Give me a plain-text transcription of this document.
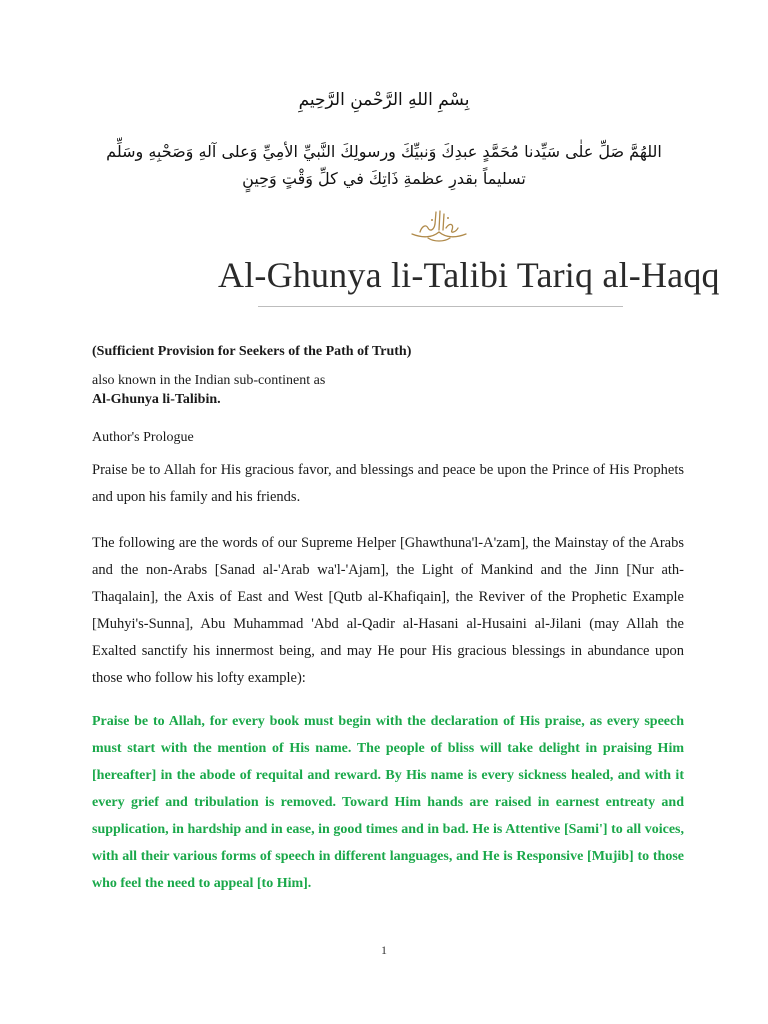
بِسْمِ اللهِ الرَّحْمنِ الرَّحِيمِ
اللهُمَّ صَلِّ علٰى سَيِّدنا مُحَمَّدٍ عبدِكَ وَنبيِّكَ ورسولِكَ النَّبيِّ الأمِيِّ وَعلى آلهِ وَصَحْبِهِ وسَلِّم تسليماً بقدرِ عظمةِ ذَاتِكَ في كلِّ وَقْتٍ وَحِينٍ
Al-Ghunya li-Talibi Tariq al-Haqq
(Sufficient Provision for Seekers of the Path of Truth)
also known in the Indian sub-continent as
Al-Ghunya li-Talibin.
Author's Prologue
Praise be to Allah for His gracious favor, and blessings and peace be upon the Prince of His Prophets and upon his family and his friends.
The following are the words of our Supreme Helper [Ghawthuna'l-A'zam], the Mainstay of the Arabs and the non-Arabs [Sanad al-'Arab wa'l-'Ajam], the Light of Mankind and the Jinn [Nur ath-Thaqalain], the Axis of East and West [Qutb al-Khafiqain], the Reviver of the Prophetic Example [Muhyi's-Sunna], Abu Muhammad 'Abd al-Qadir al-Hasani al-Husaini al-Jilani (may Allah the Exalted sanctify his innermost being, and may He pour His gracious blessings in abundance upon those who follow his lofty example):
Praise be to Allah, for every book must begin with the declaration of His praise, as every speech must start with the mention of His name. The people of bliss will take delight in praising Him [hereafter] in the abode of requital and reward. By His name is every sickness healed, and with it every grief and tribulation is removed. Toward Him hands are raised in earnest entreaty and supplication, in hardship and in ease, in good times and in bad. He is Attentive [Sami'] to all voices, with all their various forms of speech in different languages, and He is Responsive [Mujib] to those who feel the need to appeal [to Him].
1
